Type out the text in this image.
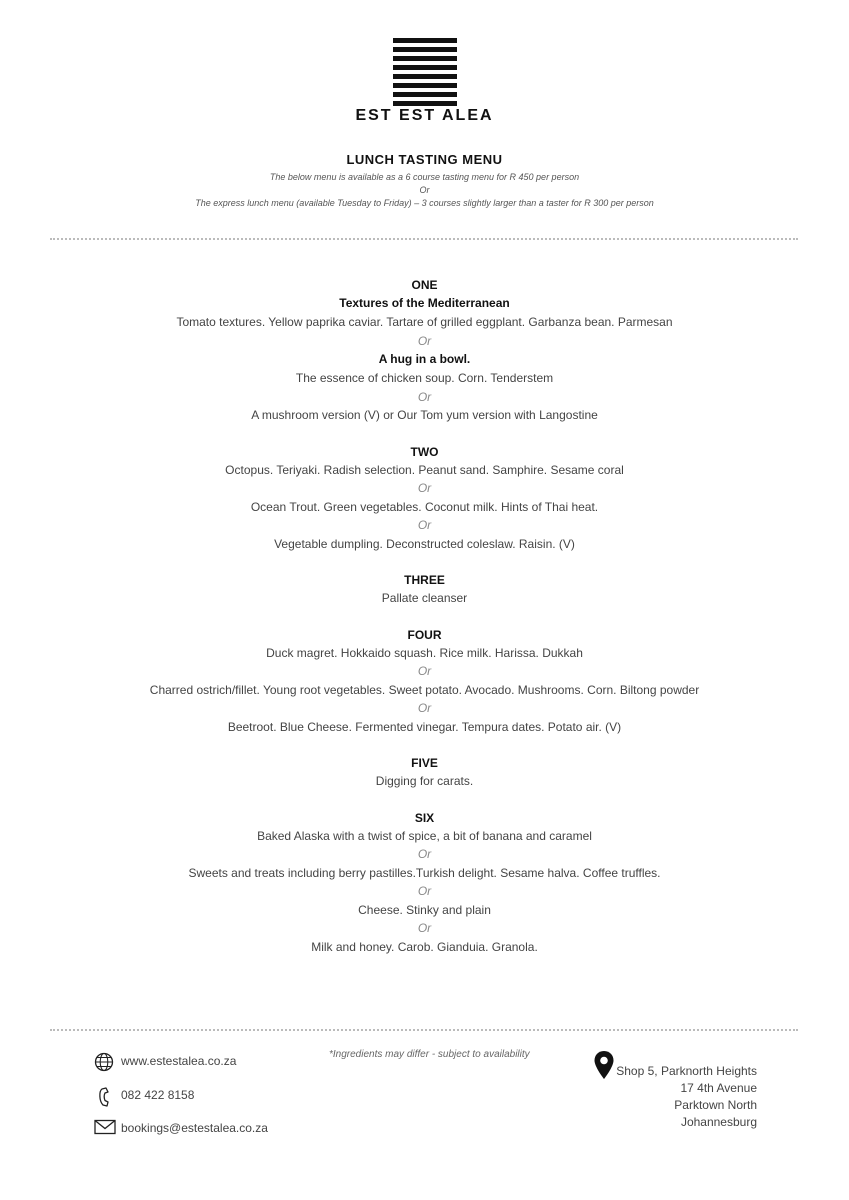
EST EST ALEA
LUNCH TASTING MENU
The below menu is available as a 6 course tasting menu for R 450 per person
Or
The express lunch menu (available Tuesday to Friday) – 3 courses slightly larger than a taster for R 300 per person
ONE
Textures of the Mediterranean
Tomato textures. Yellow paprika caviar. Tartare of grilled eggplant. Garbanza bean. Parmesan
Or
A hug in a bowl.
The essence of chicken soup. Corn. Tenderstem
Or
A mushroom version (V) or Our Tom yum version with Langostine
TWO
Octopus. Teriyaki. Radish selection. Peanut sand. Samphire. Sesame coral
Or
Ocean Trout. Green vegetables. Coconut milk. Hints of Thai heat.
Or
Vegetable dumpling. Deconstructed coleslaw. Raisin. (V)
THREE
Pallate cleanser
FOUR
Duck magret. Hokkaido squash. Rice milk. Harissa. Dukkah
Or
Charred ostrich/fillet. Young root vegetables. Sweet potato. Avocado. Mushrooms. Corn. Biltong powder
Or
Beetroot. Blue Cheese. Fermented vinegar. Tempura dates. Potato air. (V)
FIVE
Digging for carats.
SIX
Baked Alaska with a twist of spice, a bit of banana and caramel
Or
Sweets and treats including berry pastilles.Turkish delight. Sesame halva. Coffee truffles.
Or
Cheese. Stinky and plain
Or
Milk and honey. Carob. Gianduia. Granola.
www.estestalea.co.za
082 422 8158
bookings@estestalea.co.za
*Ingredients may differ - subject to availability
Shop 5, Parknorth Heights
17 4th Avenue
Parktown North
Johannesburg
